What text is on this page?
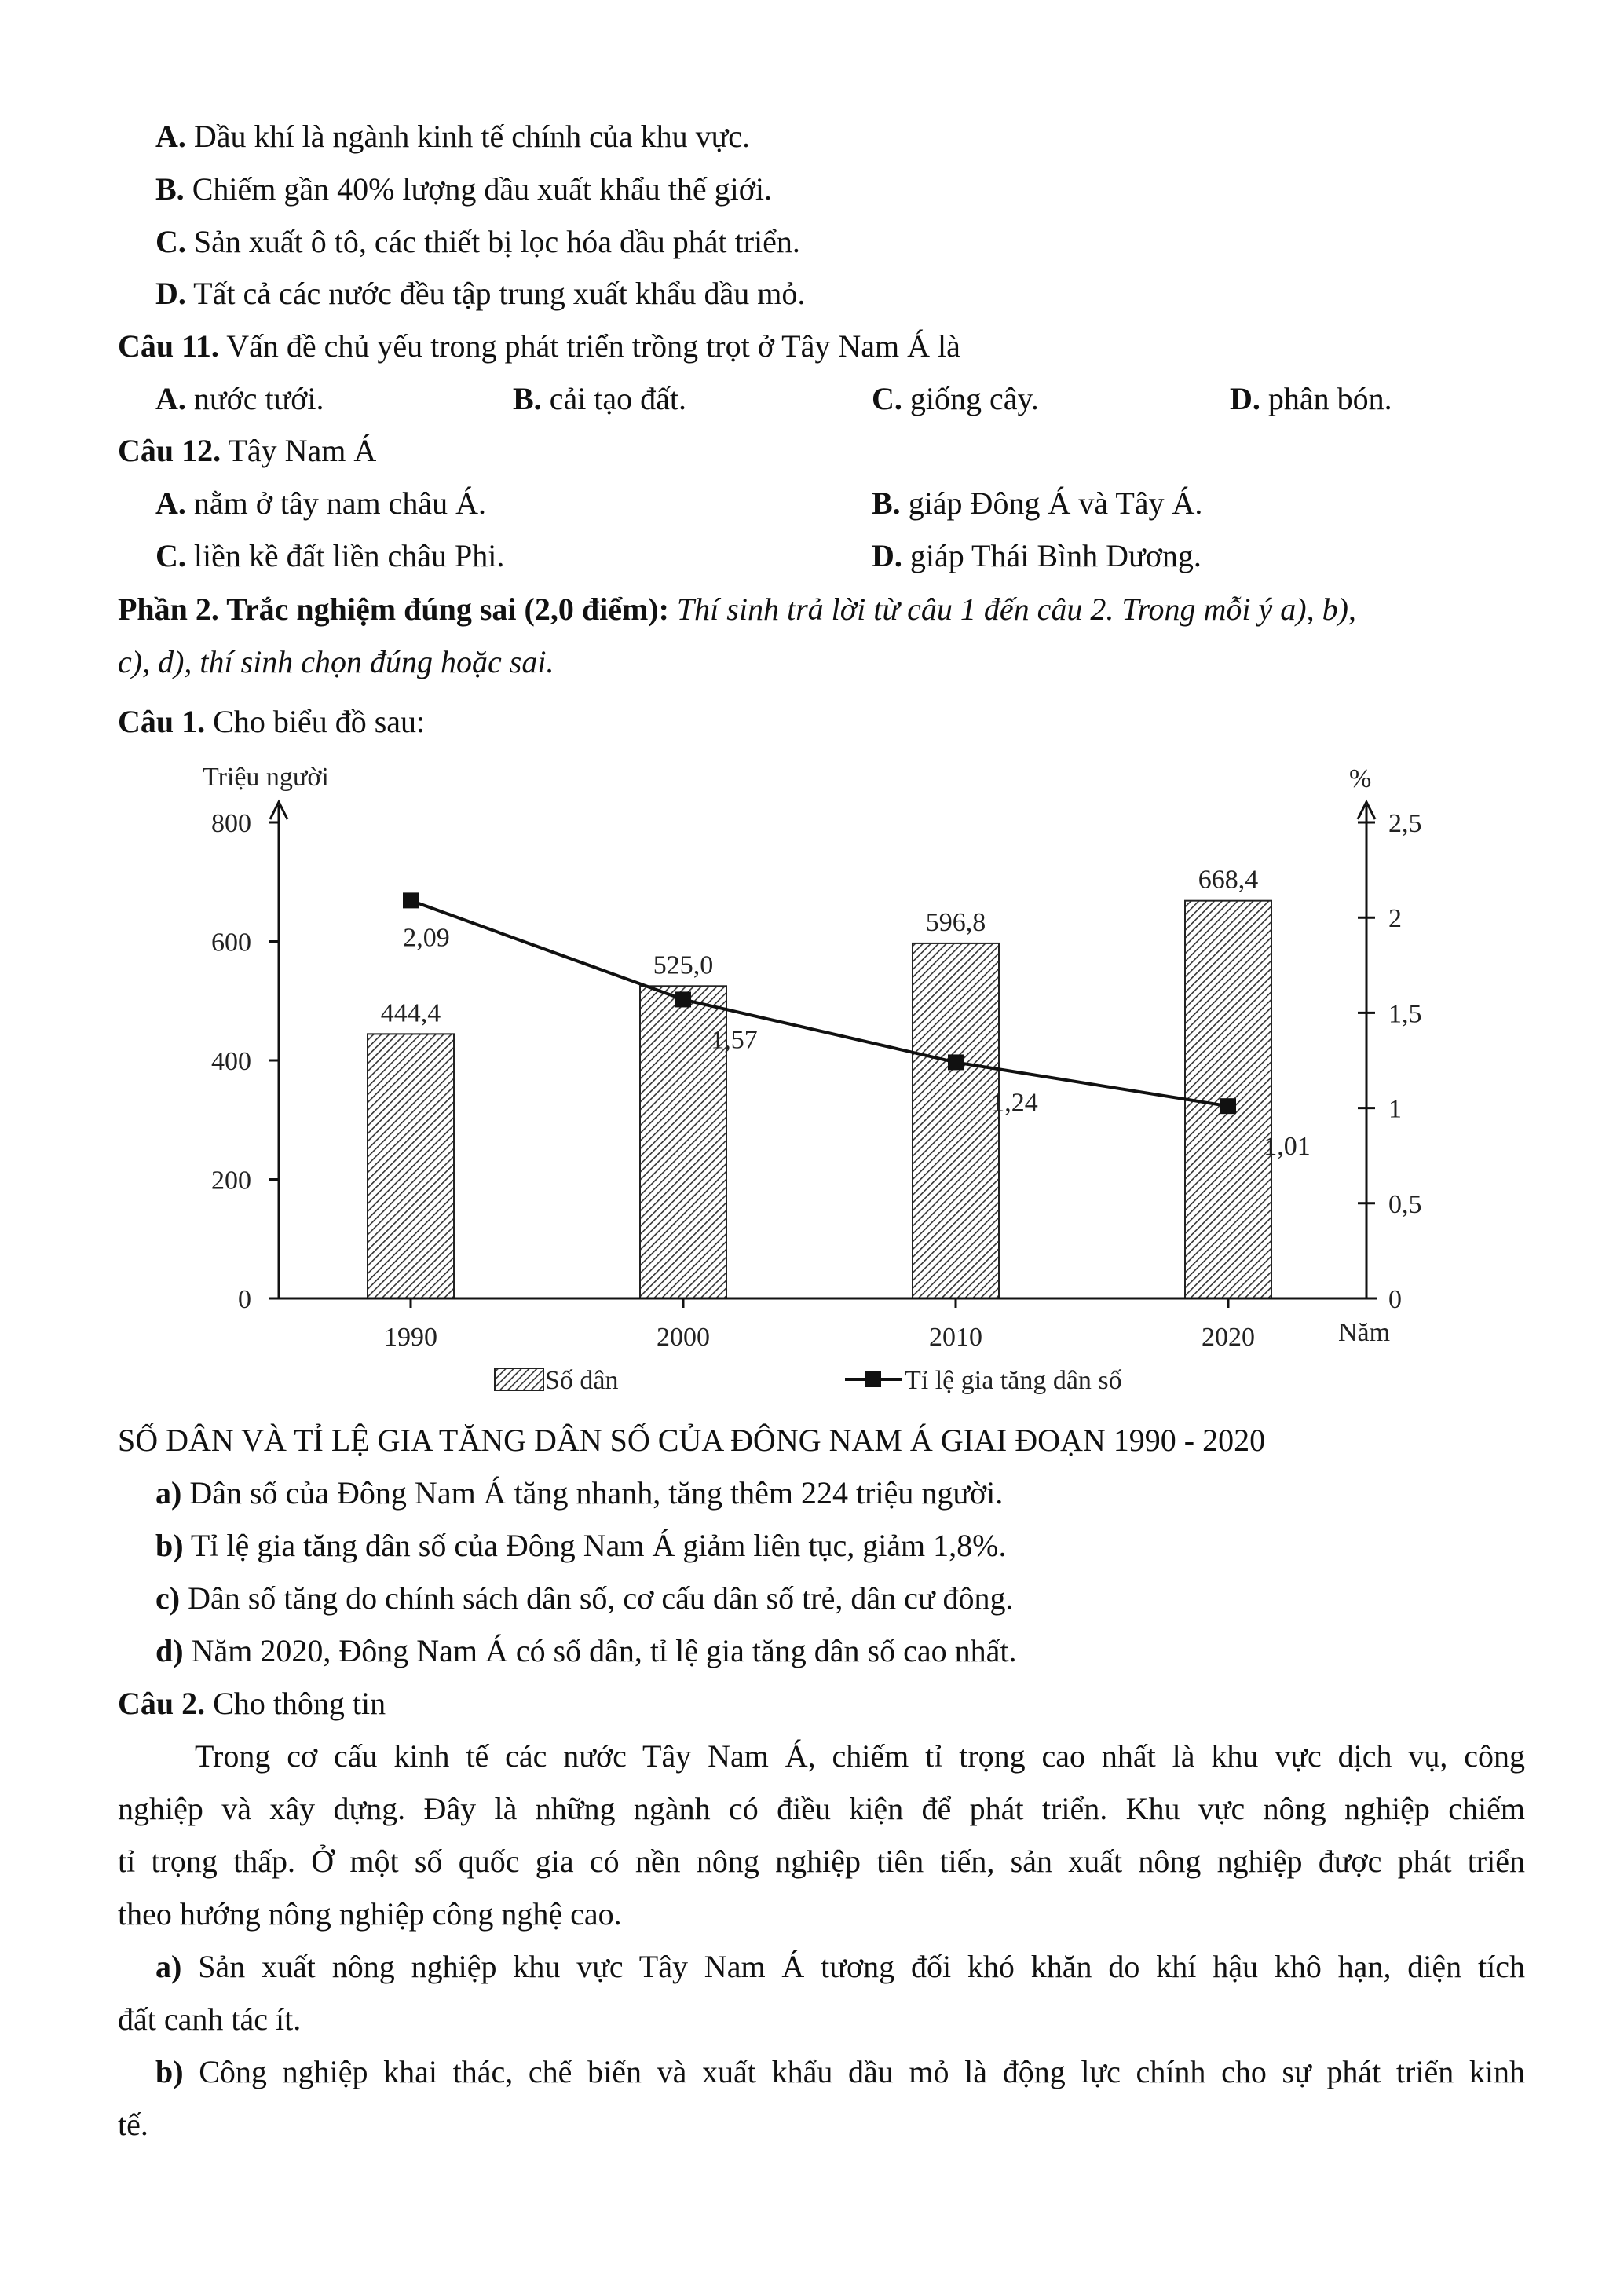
A. Dầu khí là ngành kinh tế chính của khu vực.
B. Chiếm gần 40% lượng dầu xuất khẩu thế giới.
C. Sản xuất ô tô, các thiết bị lọc hóa dầu phát triển.
D. Tất cả các nước đều tập trung xuất khẩu dầu mỏ.
Câu 11. Vấn đề chủ yếu trong phát triển trồng trọt ở Tây Nam Á là
A. nước tưới.	B. cải tạo đất.	C. giống cây.	D. phân bón.
Câu 12. Tây Nam Á
A. nằm ở tây nam châu Á.	B. giáp Đông Á và Tây Á.
C. liền kề đất liền châu Phi.	D. giáp Thái Bình Dương.
Phần 2. Trắc nghiệm đúng sai (2,0 điểm): Thí sinh trả lời từ câu 1 đến câu 2. Trong mỗi ý a), b),
c), d), thí sinh chọn đúng hoặc sai.
Câu 1. Cho biểu đồ sau:
444,4
525,0
596,8
668,4
0
200
400
600
800
0
0,5
1
1,5
2
2,5
1990	2000	2010	2020
Triệu người	%
Năm
2,09
1,57
1,24
1,01
Số dân	Tỉ lệ gia tăng dân số
SỐ DÂN VÀ TỈ LỆ GIA TĂNG DÂN SỐ CỦA ĐÔNG NAM Á GIAI ĐOẠN 1990 - 2020
a) Dân số của Đông Nam Á tăng nhanh, tăng thêm 224 triệu người.
b) Tỉ lệ gia tăng dân số của Đông Nam Á giảm liên tục, giảm 1,8%.
c) Dân số tăng do chính sách dân số, cơ cấu dân số trẻ, dân cư đông.
d) Năm 2020, Đông Nam Á có số dân, tỉ lệ gia tăng dân số cao nhất.
Câu 2. Cho thông tin
Trong cơ cấu kinh tế các nước Tây Nam Á, chiếm tỉ trọng cao nhất là khu vực dịch vụ, công
nghiệp và xây dựng. Đây là những ngành có điều kiện để phát triển. Khu vực nông nghiệp chiếm
tỉ trọng thấp. Ở một số quốc gia có nền nông nghiệp tiên tiến, sản xuất nông nghiệp được phát triển
theo hướng nông nghiệp công nghệ cao.
a) Sản xuất nông nghiệp khu vực Tây Nam Á tương đối khó khăn do khí hậu khô hạn, diện tích
đất canh tác ít.
b) Công nghiệp khai thác, chế biến và xuất khẩu dầu mỏ là động lực chính cho sự phát triển kinh
tế.
